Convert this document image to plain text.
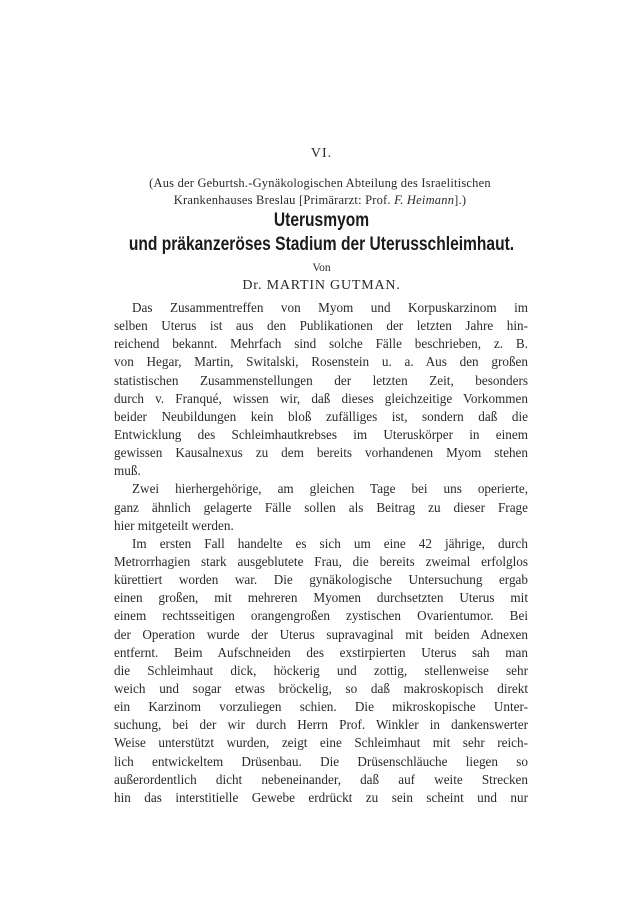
VI.
(Aus der Geburtsh.-Gynäkologischen Abteilung des Israelitischen
Krankenhauses Breslau [Primärarzt: Prof. F. Heimann].)
Uterusmyom
und präkanzeröses Stadium der Uterusschleimhaut.
Von
Dr. MARTIN GUTMAN.
Das Zusammentreffen von Myom und Korpuskarzinom im
selben Uterus ist aus den Publikationen der letzten Jahre hin-
reichend bekannt. Mehrfach sind solche Fälle beschrieben, z. B.
von Hegar, Martin, Switalski, Rosenstein u. a. Aus den großen
statistischen Zusammenstellungen der letzten Zeit, besonders
durch v. Franqué, wissen wir, daß dieses gleichzeitige Vorkommen
beider Neubildungen kein bloß zufälliges ist, sondern daß die
Entwicklung des Schleimhautkrebses im Uteruskörper in einem
gewissen Kausalnexus zu dem bereits vorhandenen Myom stehen
muß.
Zwei hierhergehörige, am gleichen Tage bei uns operierte,
ganz ähnlich gelagerte Fälle sollen als Beitrag zu dieser Frage
hier mitgeteilt werden.
Im ersten Fall handelte es sich um eine 42 jährige, durch
Metrorrhagien stark ausgeblutete Frau, die bereits zweimal erfolglos
kürettiert worden war. Die gynäkologische Untersuchung ergab
einen großen, mit mehreren Myomen durchsetzten Uterus mit
einem rechtsseitigen orangengroßen zystischen Ovarientumor. Bei
der Operation wurde der Uterus supravaginal mit beiden Adnexen
entfernt. Beim Aufschneiden des exstirpierten Uterus sah man
die Schleimhaut dick, höckerig und zottig, stellenweise sehr
weich und sogar etwas bröckelig, so daß makroskopisch direkt
ein Karzinom vorzuliegen schien. Die mikroskopische Unter-
suchung, bei der wir durch Herrn Prof. Winkler in dankenswerter
Weise unterstützt wurden, zeigt eine Schleimhaut mit sehr reich-
lich entwickeltem Drüsenbau. Die Drüsenschläuche liegen so
außerordentlich dicht nebeneinander, daß auf weite Strecken
hin das interstitielle Gewebe erdrückt zu sein scheint und nur
